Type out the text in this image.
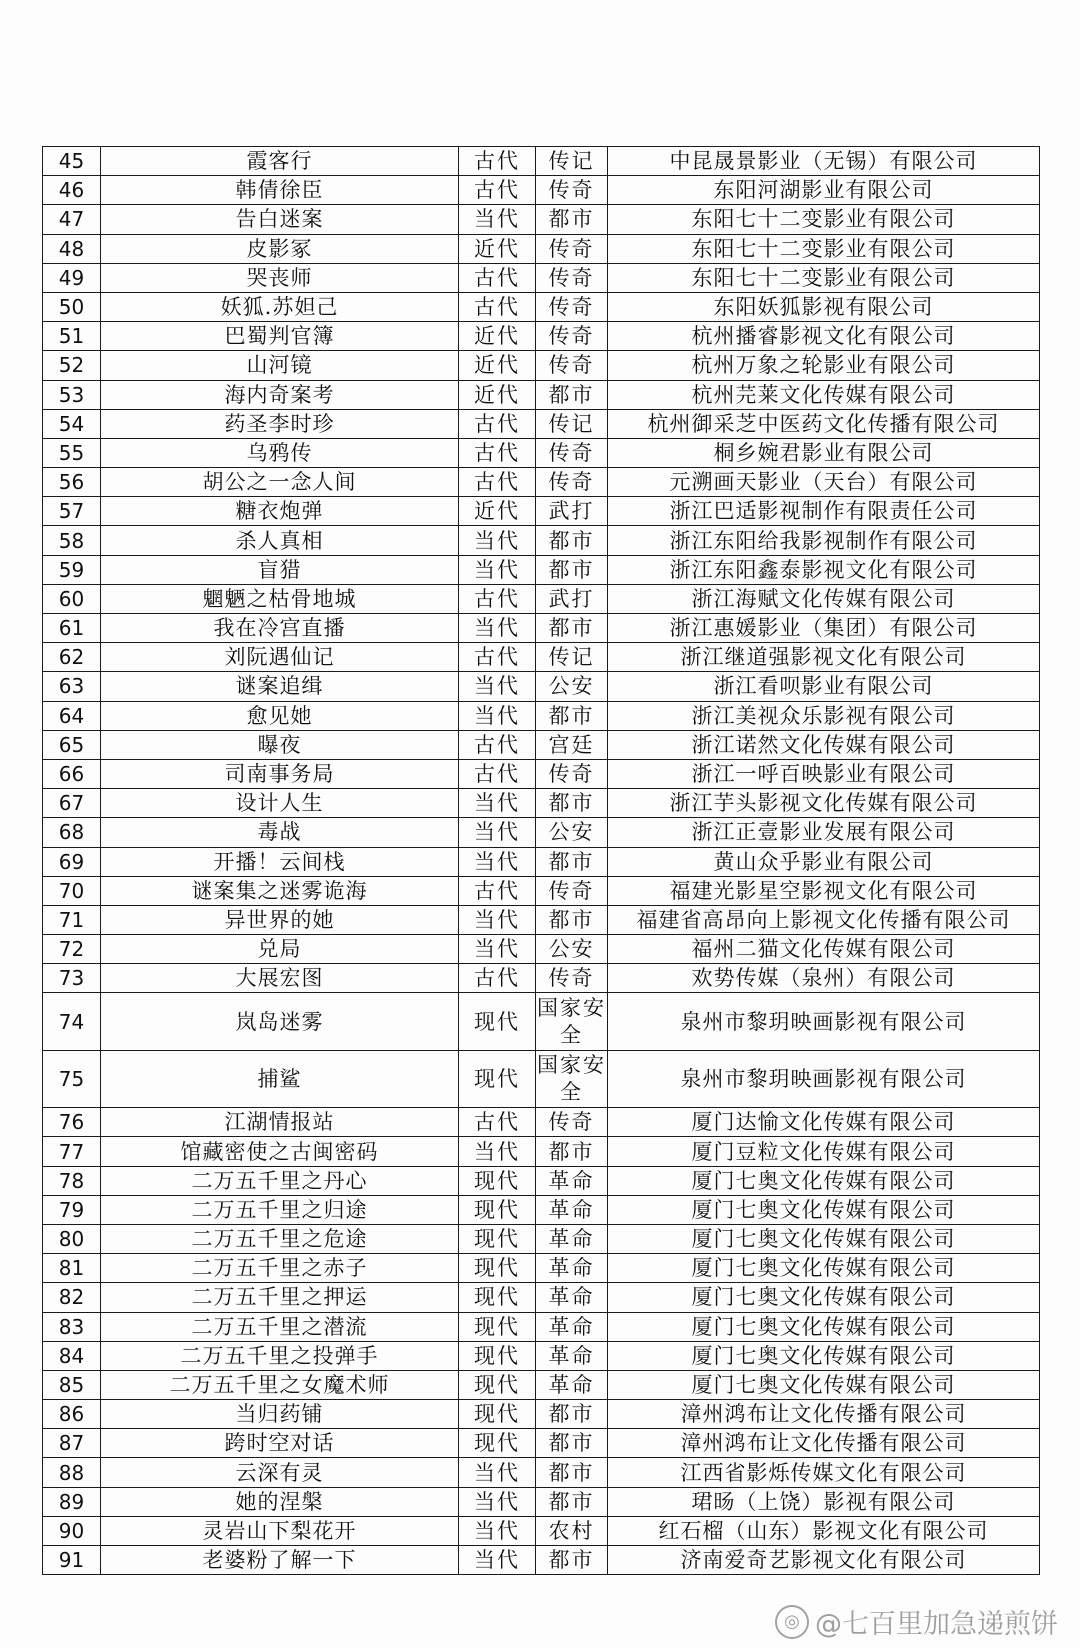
45	霞客行	古代	传记	中昆晟景影业（无锡）有限公司
46	韩倩徐臣	古代	传奇	东阳河湖影业有限公司
47	告白迷案	当代	都市	东阳七十二变影业有限公司
48	皮影冢	近代	传奇	东阳七十二变影业有限公司
49	哭丧师	古代	传奇	东阳七十二变影业有限公司
50	妖狐.苏妲己	古代	传奇	东阳妖狐影视有限公司
51	巴蜀判官簿	近代	传奇	杭州播睿影视文化有限公司
52	山河镜	近代	传奇	杭州万象之轮影业有限公司
53	海内奇案考	近代	都市	杭州芫莱文化传媒有限公司
54	药圣李时珍	古代	传记	杭州御采芝中医药文化传播有限公司
55	乌鸦传	古代	传奇	桐乡婉君影业有限公司
56	胡公之一念人间	古代	传奇	元溯画天影业（天台）有限公司
57	糖衣炮弹	近代	武打	浙江巴适影视制作有限责任公司
58	杀人真相	当代	都市	浙江东阳给我影视制作有限公司
59	盲猎	当代	都市	浙江东阳鑫泰影视文化有限公司
60	魍魉之枯骨地城	古代	武打	浙江海赋文化传媒有限公司
61	我在冷宫直播	当代	都市	浙江惠媛影业（集团）有限公司
62	刘阮遇仙记	古代	传记	浙江继道强影视文化有限公司
63	谜案追缉	当代	公安	浙江看呗影业有限公司
64	愈见她	当代	都市	浙江美视众乐影视有限公司
65	曝夜	古代	宫廷	浙江诺然文化传媒有限公司
66	司南事务局	古代	传奇	浙江一呼百映影业有限公司
67	设计人生	当代	都市	浙江芋头影视文化传媒有限公司
68	毒战	当代	公安	浙江正壹影业发展有限公司
69	开播！云间栈	当代	都市	黄山众乎影业有限公司
70	谜案集之迷雾诡海	古代	传奇	福建光影星空影视文化有限公司
71	异世界的她	当代	都市	福建省高昂向上影视文化传播有限公司
72	兑局	当代	公安	福州二猫文化传媒有限公司
73	大展宏图	古代	传奇	欢势传媒（泉州）有限公司
74	岚岛迷雾	现代	国家安全	泉州市黎玥映画影视有限公司
75	捕鲨	现代	国家安全	泉州市黎玥映画影视有限公司
76	江湖情报站	古代	传奇	厦门达愉文化传媒有限公司
77	馆藏密使之古闽密码	当代	都市	厦门豆粒文化传媒有限公司
78	二万五千里之丹心	现代	革命	厦门七奥文化传媒有限公司
79	二万五千里之归途	现代	革命	厦门七奥文化传媒有限公司
80	二万五千里之危途	现代	革命	厦门七奥文化传媒有限公司
81	二万五千里之赤子	现代	革命	厦门七奥文化传媒有限公司
82	二万五千里之押运	现代	革命	厦门七奥文化传媒有限公司
83	二万五千里之潜流	现代	革命	厦门七奥文化传媒有限公司
84	二万五千里之投弹手	现代	革命	厦门七奥文化传媒有限公司
85	二万五千里之女魔术师	现代	革命	厦门七奥文化传媒有限公司
86	当归药铺	现代	都市	漳州鸿布让文化传播有限公司
87	跨时空对话	现代	都市	漳州鸿布让文化传播有限公司
88	云深有灵	当代	都市	江西省影烁传媒文化有限公司
89	她的涅槃	当代	都市	珺旸（上饶）影视有限公司
90	灵岩山下梨花开	当代	农村	红石榴（山东）影视文化有限公司
91	老婆粉了解一下	当代	都市	济南爱奇艺影视文化有限公司
◎ @七百里加急递煎饼
